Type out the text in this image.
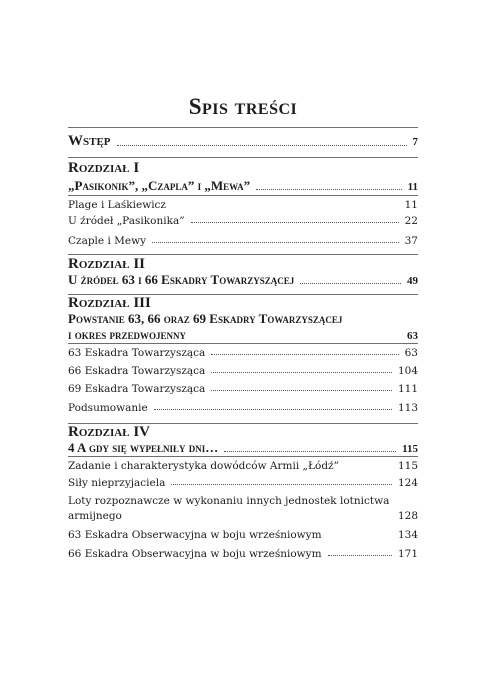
Spis treści
Wstęp	7
Rozdział I
„Pasikonik”, „Czapla” i „Mewa”	11
Plage i Laśkiewicz	11
U źródeł „Pasikonika”	22
Czaple i Mewy	37
Rozdział II
U źródeł 63 i 66 Eskadry Towarzyszącej	49
Rozdział III
Powstanie 63, 66 oraz 69 Eskadry Towarzyszącej
i okres przedwojenny	63
63 Eskadra Towarzysząca	63
66 Eskadra Towarzysząca	104
69 Eskadra Towarzysząca	111
Podsumowanie	113
Rozdział IV
4 A gdy się wypełniły dni…	115
Zadanie i charakterystyka dowódców Armii „Łódź”	115
Siły nieprzyjaciela	124
Loty rozpoznawcze w wykonaniu innych jednostek lotnictwa
armijnego	128
63 Eskadra Obserwacyjna w boju wrześniowym	134
66 Eskadra Obserwacyjna w boju wrześniowym	171
